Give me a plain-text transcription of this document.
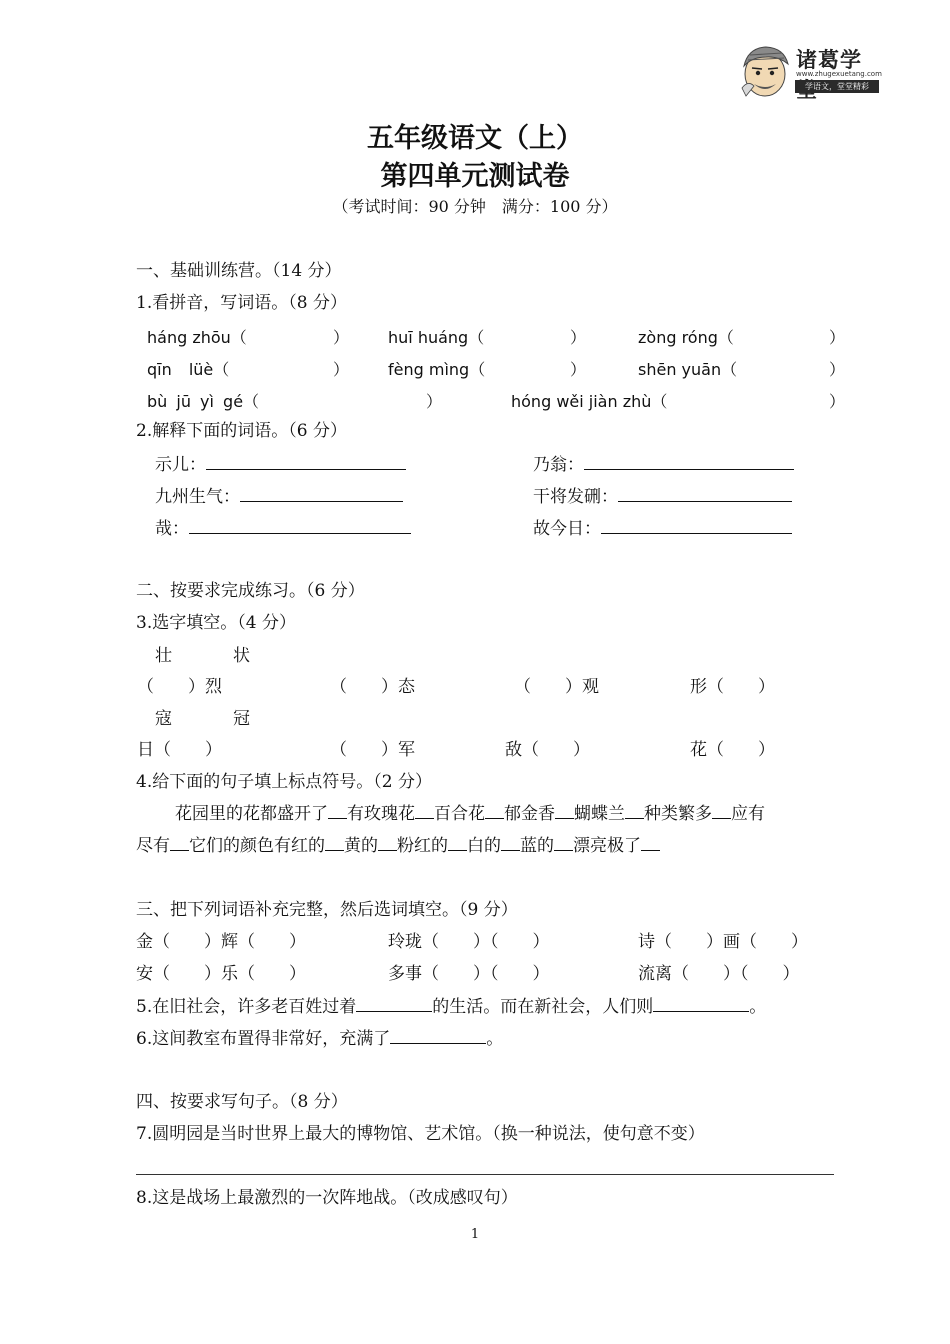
诸葛学
www.zhugexuetang.com
学语文，堂堂精彩
五年级语文（上）
第四单元测试卷
（考试时间：90 分钟　满分：100 分）
一、基础训练营。（14 分）
1.看拼音，写词语。（8 分）
háng zhōu（	） huī huáng（	）	zòng róng（	）
qīn lüè（	） fèng mìng（	）	shēn yuān（	）
bù jū yì gé（	）	hóng wěi jiàn zhù（	）
2.解释下面的词语。（6 分）
示儿：	乃翁：
九州生气：	干将发硎：
哉：	故今日：
二、按要求完成练习。（6 分）
3.选字填空。（4 分）
壮	状
（　　）烈	（　　）态	（　　）观	形（　　）
寇	冠
日（　　）	（　　）军	敌（　　）	花（　　）
4.给下面的句子填上标点符号。（2 分）
花园里的花都盛开了 有玫瑰花 百合花 郁金香 蝴蝶兰 种类繁多 应有
尽有 它们的颜色有红的 黄的 粉红的 白的 蓝的 漂亮极了
三、把下列词语补充完整，然后选词填空。（9 分）
金（　　）辉（　　）	玲珑（　　）（　　）	诗（　　）画（　　）
安（　　）乐（　　）	多事（　　）（　　）	流离（　　）（　　）
5.在旧社会，许多老百姓过着	的生活。而在新社会，人们则	。
6.这间教室布置得非常好，充满了	。
四、按要求写句子。（8 分）
7.圆明园是当时世界上最大的博物馆、艺术馆。（换一种说法，使句意不变）
8.这是战场上最激烈的一次阵地战。（改成感叹句）
1
